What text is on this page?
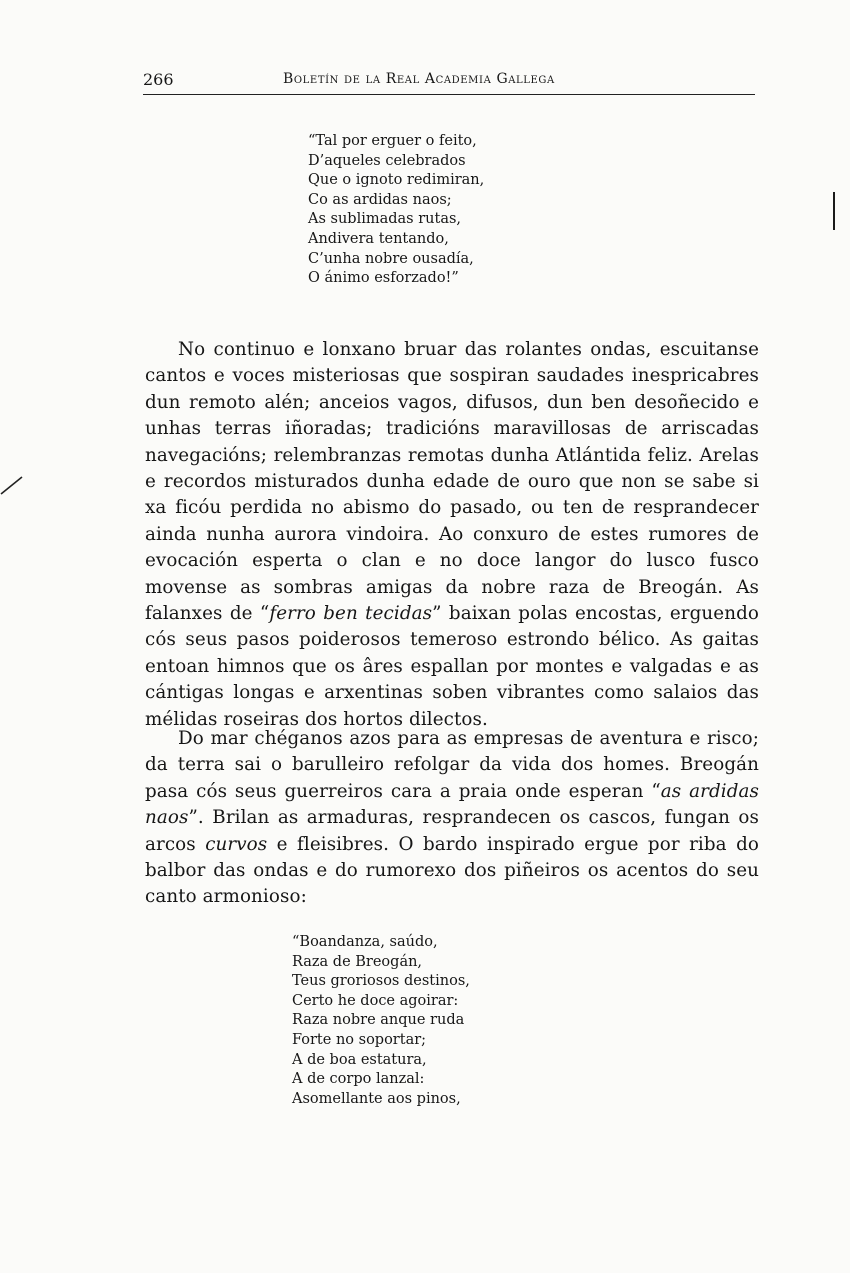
266	Boletín de la Real Academia Gallega
“Tal por erguer o feito,
D’aqueles celebrados
Que o ignoto redimiran,
Co as ardidas naos;
As sublimadas rutas,
Andivera tentando,
C’unha nobre ousadía,
O ánimo esforzado!”

No continuo e lonxano bruar das rolantes ondas, escuitanse cantos e voces misteriosas que sospiran saudades inespricabres dun remoto alén; anceios vagos, difusos, dun ben desoñecido e unhas terras iñoradas; tradicións maravillosas de arriscadas navegacións; relembranzas remotas dunha Atlántida feliz. Arelas e recordos misturados dunha edade de ouro que non se sabe si xa ficóu perdida no abismo do pasado, ou ten de resprandecer ainda nunha aurora vindoira. Ao conxuro de estes rumores de evocación esperta o clan e no doce langor do lusco fusco movense as sombras amigas da nobre raza de Breogán. As falanxes de “ferro ben tecidas” baixan polas encostas, erguendo cós seus pasos poiderosos temeroso estrondo bélico. As gaitas entoan himnos que os âres espallan por montes e valgadas e as cántigas longas e arxentinas soben vibrantes como salaios das mélidas roseiras dos hortos dilectos.

Do mar chéganos azos para as empresas de aventura e risco; da terra sai o barulleiro refolgar da vida dos homes. Breogán pasa cós seus guerreiros cara a praia onde esperan “as ardidas naos”. Brilan as armaduras, resprandecen os cascos, fungan os arcos curvos e fleisibres. O bardo inspirado ergue por riba do balbor das ondas e do rumorexo dos piñeiros os acentos do seu canto armonioso:

“Boandanza, saúdo,
Raza de Breogán,
Teus groriosos destinos,
Certo he doce agoirar:
Raza nobre anque ruda
Forte no soportar;
A de boa estatura,
A de corpo lanzal:
Asomellante aos pinos,
